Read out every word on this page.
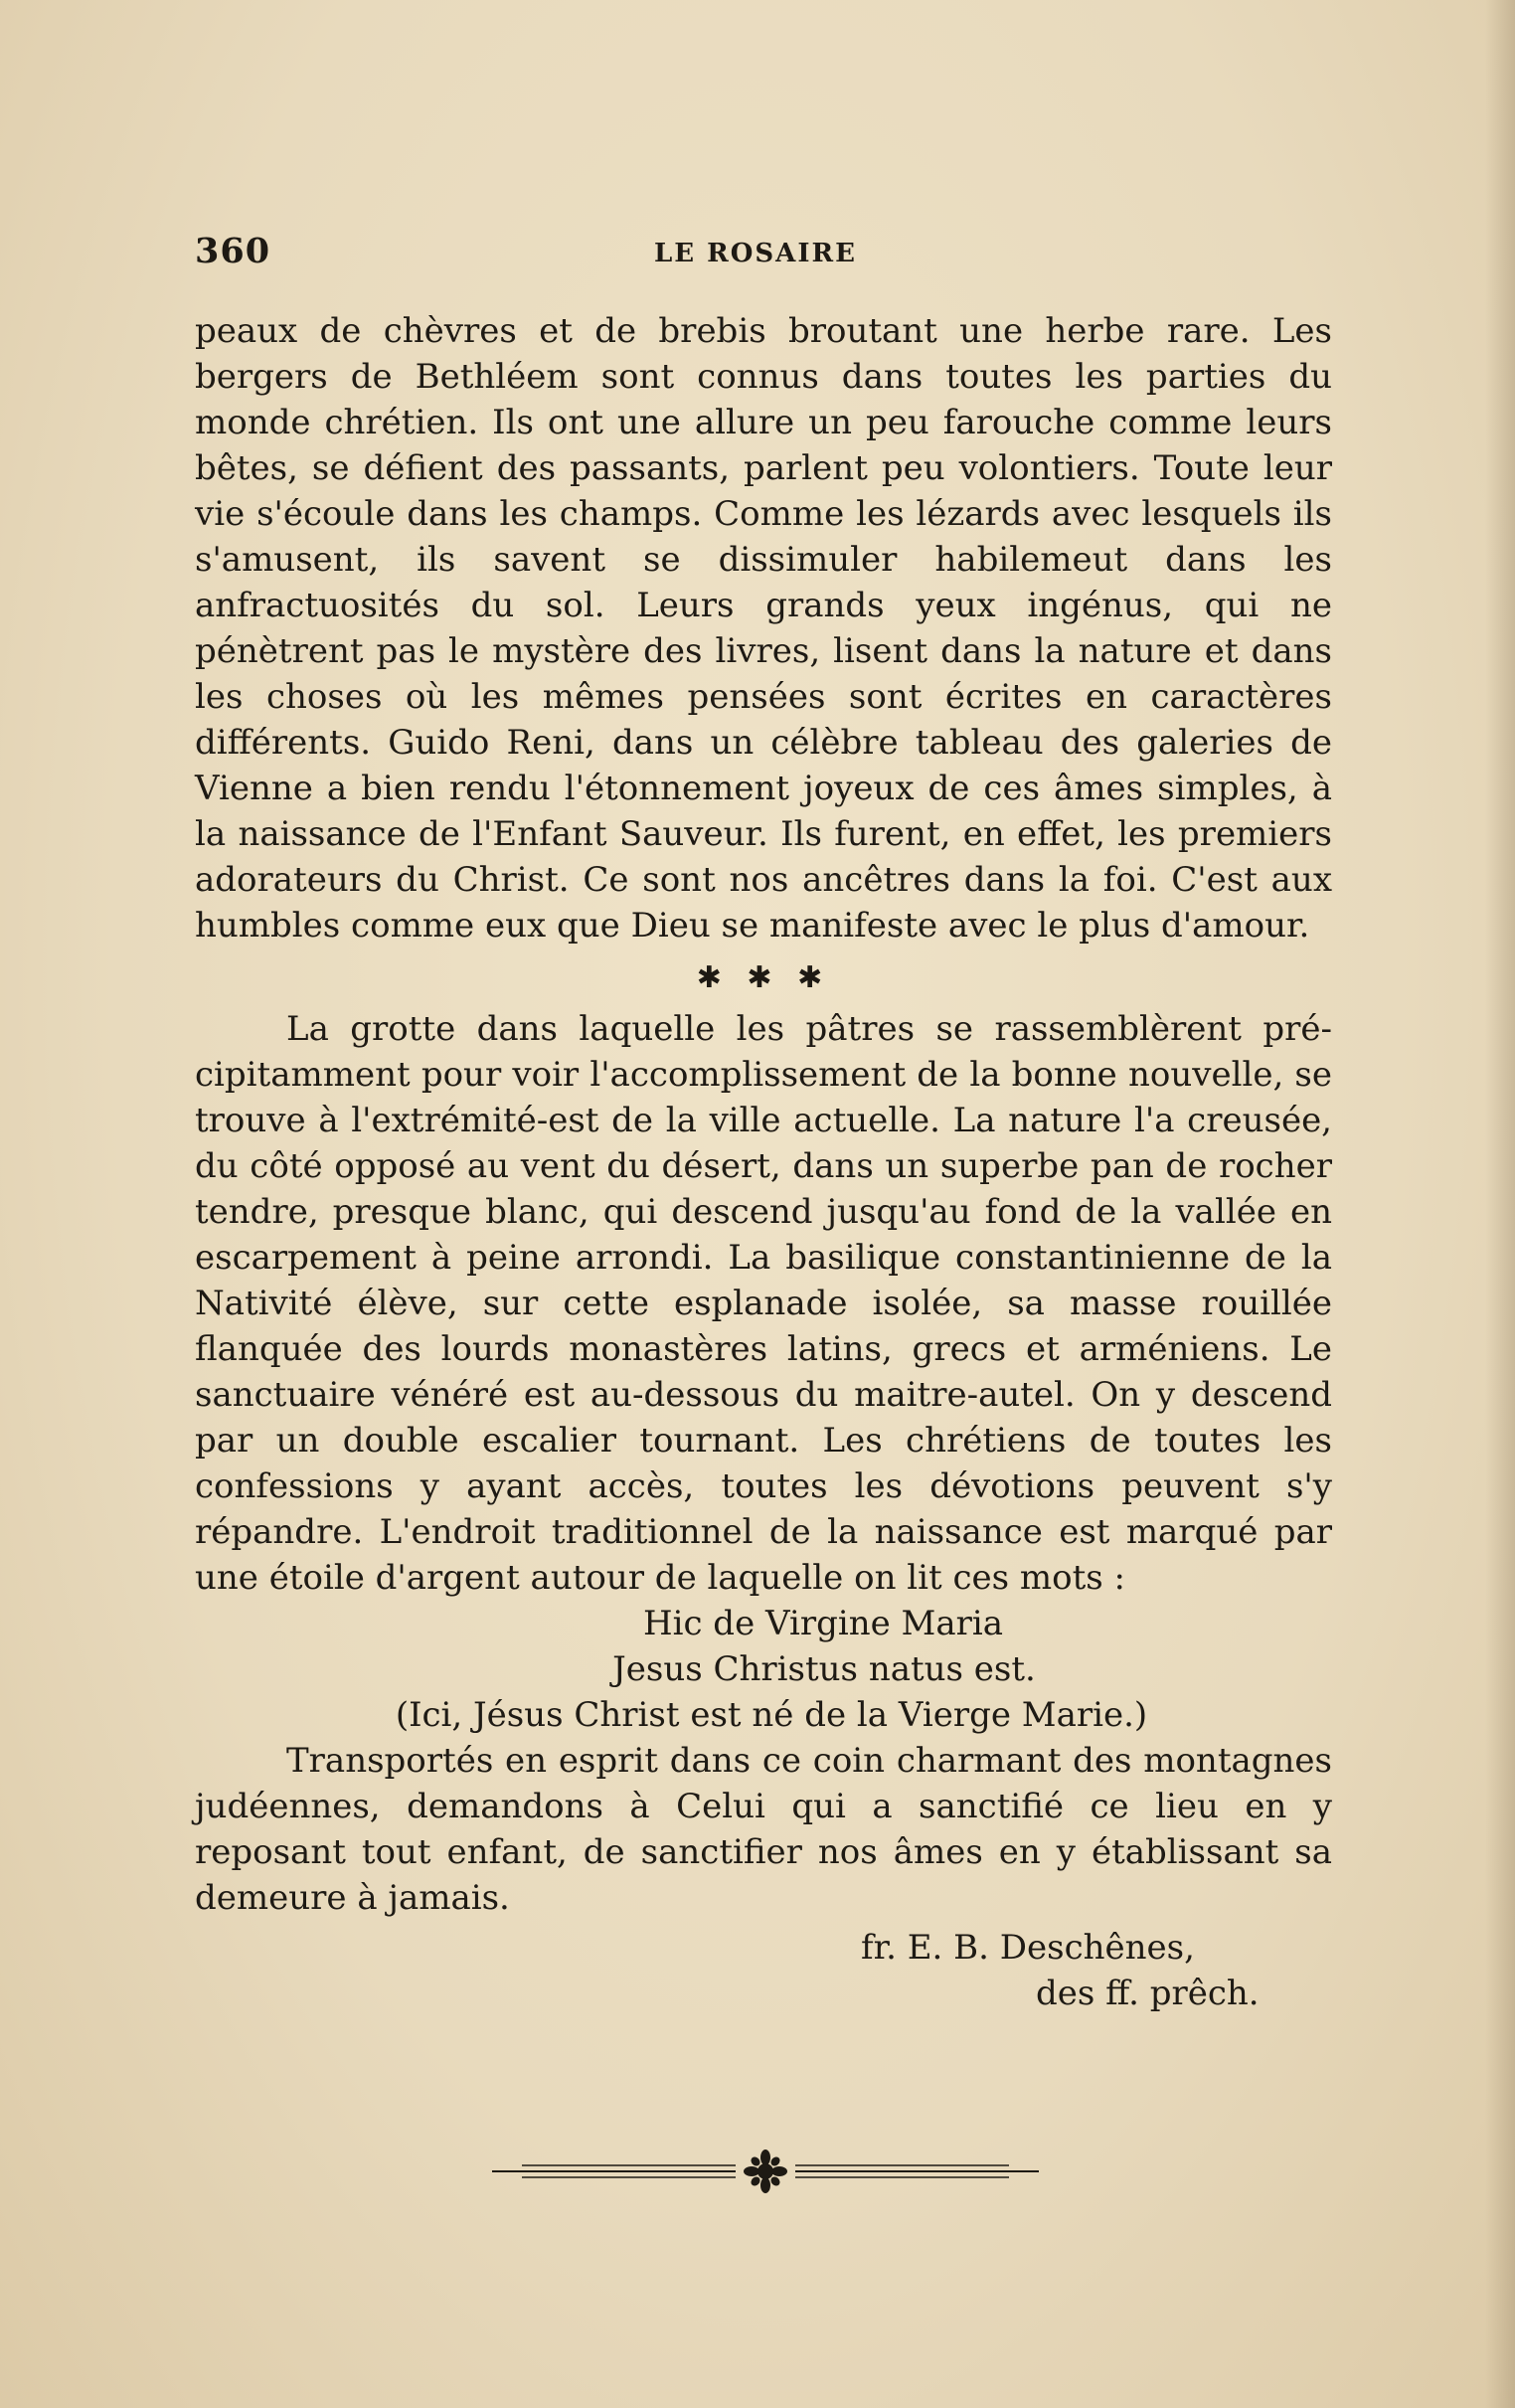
360	LE ROSAIRE

peaux de chèvres et de brebis broutant une herbe rare. Les bergers de Bethléem sont connus dans toutes les parties du monde chrétien. Ils ont une allure un peu farouche comme leurs bêtes, se défient des passants, parlent peu volontiers. Toute leur vie s'écoule dans les champs. Comme les lézards avec lesquels ils s'amusent, ils savent se dissimuler habilemeut dans les anfractuosités du sol. Leurs grands yeux ingénus, qui ne pénètrent pas le mystère des livres, lisent dans la nature et dans les choses où les mêmes pensées sont écrites en caractères différents. Guido Reni, dans un célèbre tableau des galeries de Vienne a bien rendu l'étonnement joyeux de ces âmes simples, à la naissance de l'Enfant Sauveur. Ils furent, en effet, les premiers adorateurs du Christ. Ce sont nos ancêtres dans la foi. C'est aux humbles comme eux que Dieu se manifeste avec le plus d'amour.

✱ ✱ ✱

La grotte dans laquelle les pâtres se rassemblèrent précipitamment pour voir l'accomplissement de la bonne nouvelle, se trouve à l'extrémité-est de la ville actuelle. La nature l'a creusée, du côté opposé au vent du désert, dans un superbe pan de rocher tendre, presque blanc, qui descend jusqu'au fond de la vallée en escarpement à peine arrondi. La basilique constantinienne de la Nativité élève, sur cette esplanade isolée, sa masse rouillée flanquée des lourds monastères latins, grecs et arméniens. Le sanctuaire vénéré est au-dessous du maitre-autel. On y descend par un double escalier tournant. Les chrétiens de toutes les confessions y ayant accès, toutes les dévotions peuvent s'y répandre. L'endroit traditionnel de la naissance est marqué par une étoile d'argent autour de laquelle on lit ces mots :

Hic de Virgine Maria
Jesus Christus natus est.
(Ici, Jésus Christ est né de la Vierge Marie.)

Transportés en esprit dans ce coin charmant des montagnes judéennes, demandons à Celui qui a sanctifié ce lieu en y reposant tout enfant, de sanctifier nos âmes en y établissant sa demeure à jamais.

fr. E. B. Deschênes,
des ff. prêch.
